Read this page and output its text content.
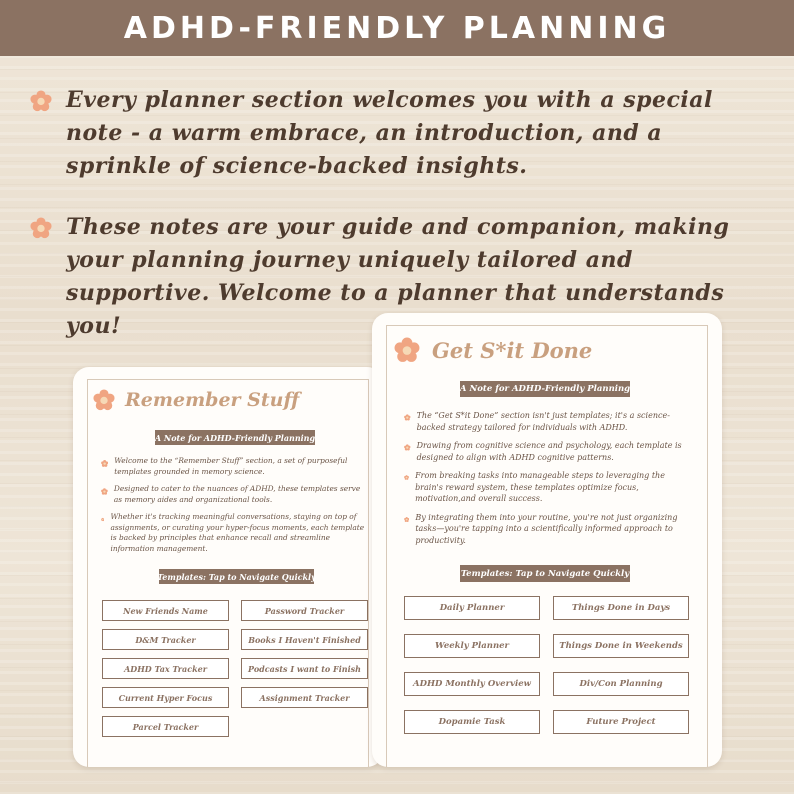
ADHD-FRIENDLY PLANNING
Every planner section welcomes you with a special note - a warm embrace, an introduction, and a sprinkle of science-backed insights.
These notes are your guide and companion, making your planning journey uniquely tailored and supportive. Welcome to a planner that understands you!
Remember Stuff
A Note for ADHD-Friendly Planning
Welcome to the “Remember Stuff” section, a set of purposeful templates grounded in memory science.
Designed to cater to the nuances of ADHD, these templates serve as memory aides and organizational tools.
Whether it's tracking meaningful conversations, staying on top of assignments, or curating your hyper-focus moments, each template is backed by principles that enhance recall and streamline information management.
Templates: Tap to Navigate Quickly
New Friends Name	Password Tracker
D&M Tracker	Books I Haven't Finished
ADHD Tax Tracker	Podcasts I want to Finish
Current Hyper Focus	Assignment Tracker
Parcel Tracker
Get S*it Done
A Note for ADHD-Friendly Planning
The “Get S*it Done” section isn't just templates; it's a science-backed strategy tailored for individuals with ADHD.
Drawing from cognitive science and psychology, each template is designed to align with ADHD cognitive patterns.
From breaking tasks into manageable steps to leveraging the brain's reward system, these templates optimize focus, motivation,and overall success.
By integrating them into your routine, you're not just organizing tasks—you're tapping into a scientifically informed approach to productivity.
Templates: Tap to Navigate Quickly
Daily Planner	Things Done in Days
Weekly Planner	Things Done in Weekends
ADHD Monthly Overview	Div/Con Planning
Dopamie Task	Future Project
